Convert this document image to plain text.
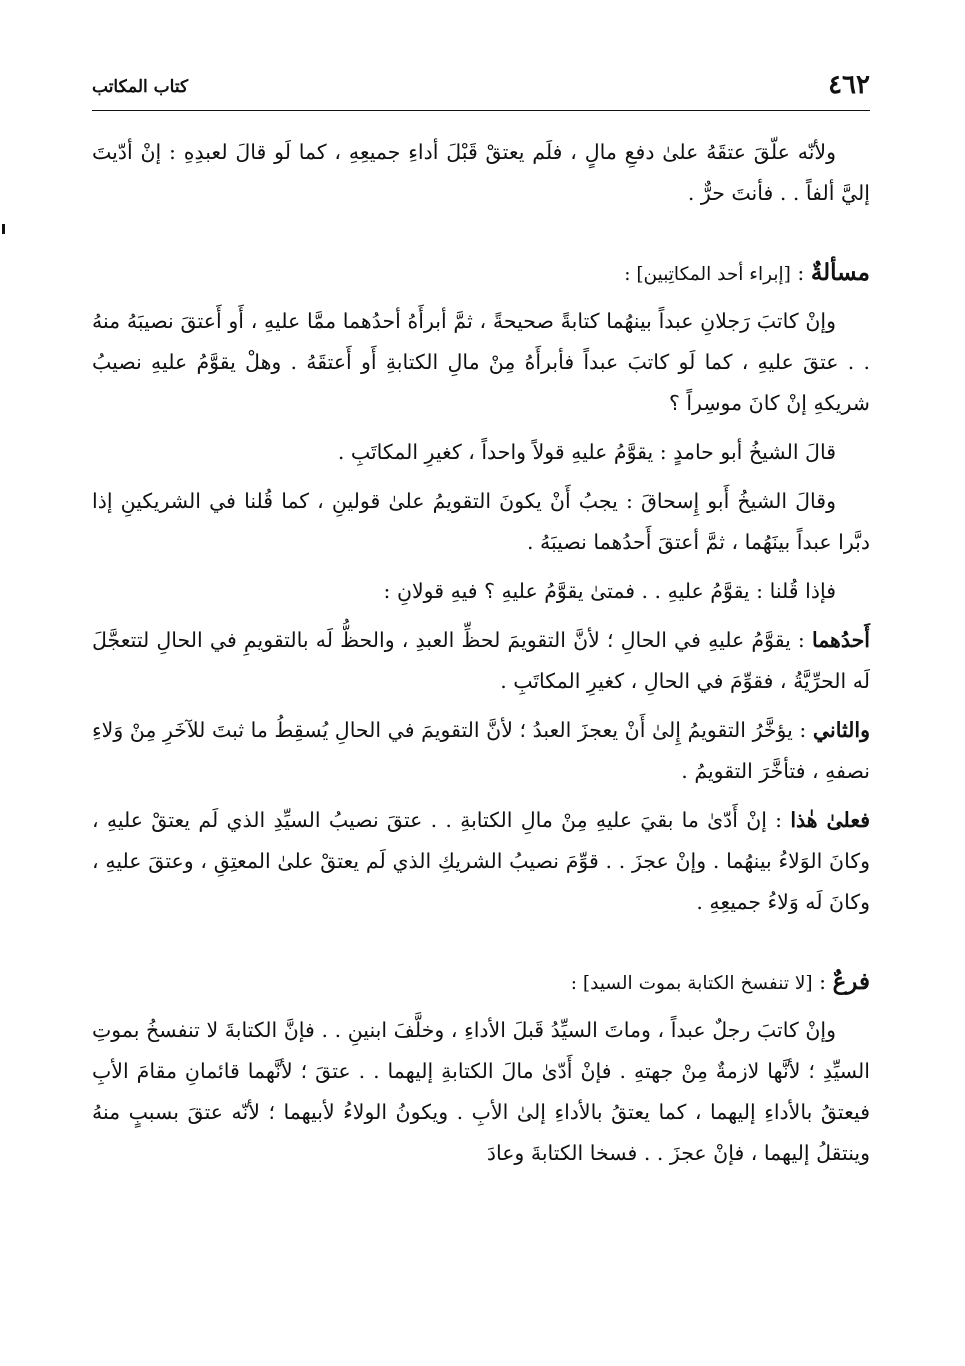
٤٦٢
كتاب المكاتب

ولأنّه علّقَ عتقَهُ علىٰ دفعِ مالٍ ، فلَم يعتقْ قَبْلَ أداءِ جميعِهِ ، كما لَو قالَ لعبدِهِ : إنْ أدّيتَ إليَّ ألفاً . . فأنتَ حرٌّ .

مسألةٌ : [إبراء أحد المكاتِبين] :

وإنْ كاتبَ رَجلانِ عبداً بينهُما كتابةً صحيحةً ، ثمَّ أبرأَهُ أحدُهما ممَّا عليهِ ، أَو أَعتقَ نصيبَهُ منهُ . . عتقَ عليهِ ، كما لَو كاتبَ عبداً فأبرأَهُ مِنْ مالِ الكتابةِ أَو أَعتقَهُ . وهلْ يقوَّمُ عليهِ نصيبُ شريكهِ إنْ كانَ موسِراً ؟

قالَ الشيخُ أبو حامدٍ : يقوَّمُ عليهِ قولاً واحداً ، كغيرِ المكاتَبِ .

وقالَ الشيخُ أَبو إِسحاقَ : يجبُ أَنْ يكونَ التقويمُ علىٰ قولينِ ، كما قُلنا في الشريكينِ إذا دبَّرا عبداً بينَهُما ، ثمَّ أعتقَ أَحدُهما نصيبَهُ .

فإذا قُلنا : يقوَّمُ عليهِ . . فمتىٰ يقوَّمُ عليهِ ؟ فيهِ قولانِ :

أَحدُهما : يقوَّمُ عليهِ في الحالِ ؛ لأنَّ التقويمَ لحظِّ العبدِ ، والحظُّ لَه بالتقويمِ في الحالِ لتتعجَّلَ لَه الحرِّيَّةُ ، فقوِّمَ في الحالِ ، كغيرِ المكاتَبِ .

والثاني : يؤخَّرُ التقويمُ إِلىٰ أَنْ يعجزَ العبدُ ؛ لأنَّ التقويمَ في الحالِ يُسقِطُ ما ثبتَ للآخَرِ مِنْ وَلاءِ نصفهِ ، فتأخَّرَ التقويمُ .

فعلىٰ هٰذا : إنْ أَدّىٰ ما بقيَ عليهِ مِنْ مالِ الكتابةِ . . عتقَ نصيبُ السيِّدِ الذي لَم يعتقْ عليهِ ، وكانَ الوَلاءُ بينهُما . وإنْ عجزَ . . قوِّمَ نصيبُ الشريكِ الذي لَم يعتقْ علىٰ المعتِقِ ، وعتقَ عليهِ ، وكانَ لَه وَلاءُ جميعِهِ .

فرعٌ : [لا تنفسخ الكتابة بموت السيد] :

وإنْ كاتبَ رجلٌ عبداً ، وماتَ السيِّدُ قَبلَ الأداءِ ، وخلَّفَ ابنينِ . . فإنَّ الكتابةَ لا تنفسخُ بموتِ السيِّدِ ؛ لأنَّها لازمةٌ مِنْ جهتهِ . فإنْ أَدّىٰ مالَ الكتابةِ إليهما . . عتقَ ؛ لأنَّهما قائمانِ مقامَ الأبِ فيعتقُ بالأداءِ إليهما ، كما يعتقُ بالأداءِ إلىٰ الأبِ . ويكونُ الولاءُ لأبيهما ؛ لأنّه عتقَ بسببٍ منهُ وينتقلُ إليهما ، فإنْ عجزَ . . فسخا الكتابةَ وعادَ
